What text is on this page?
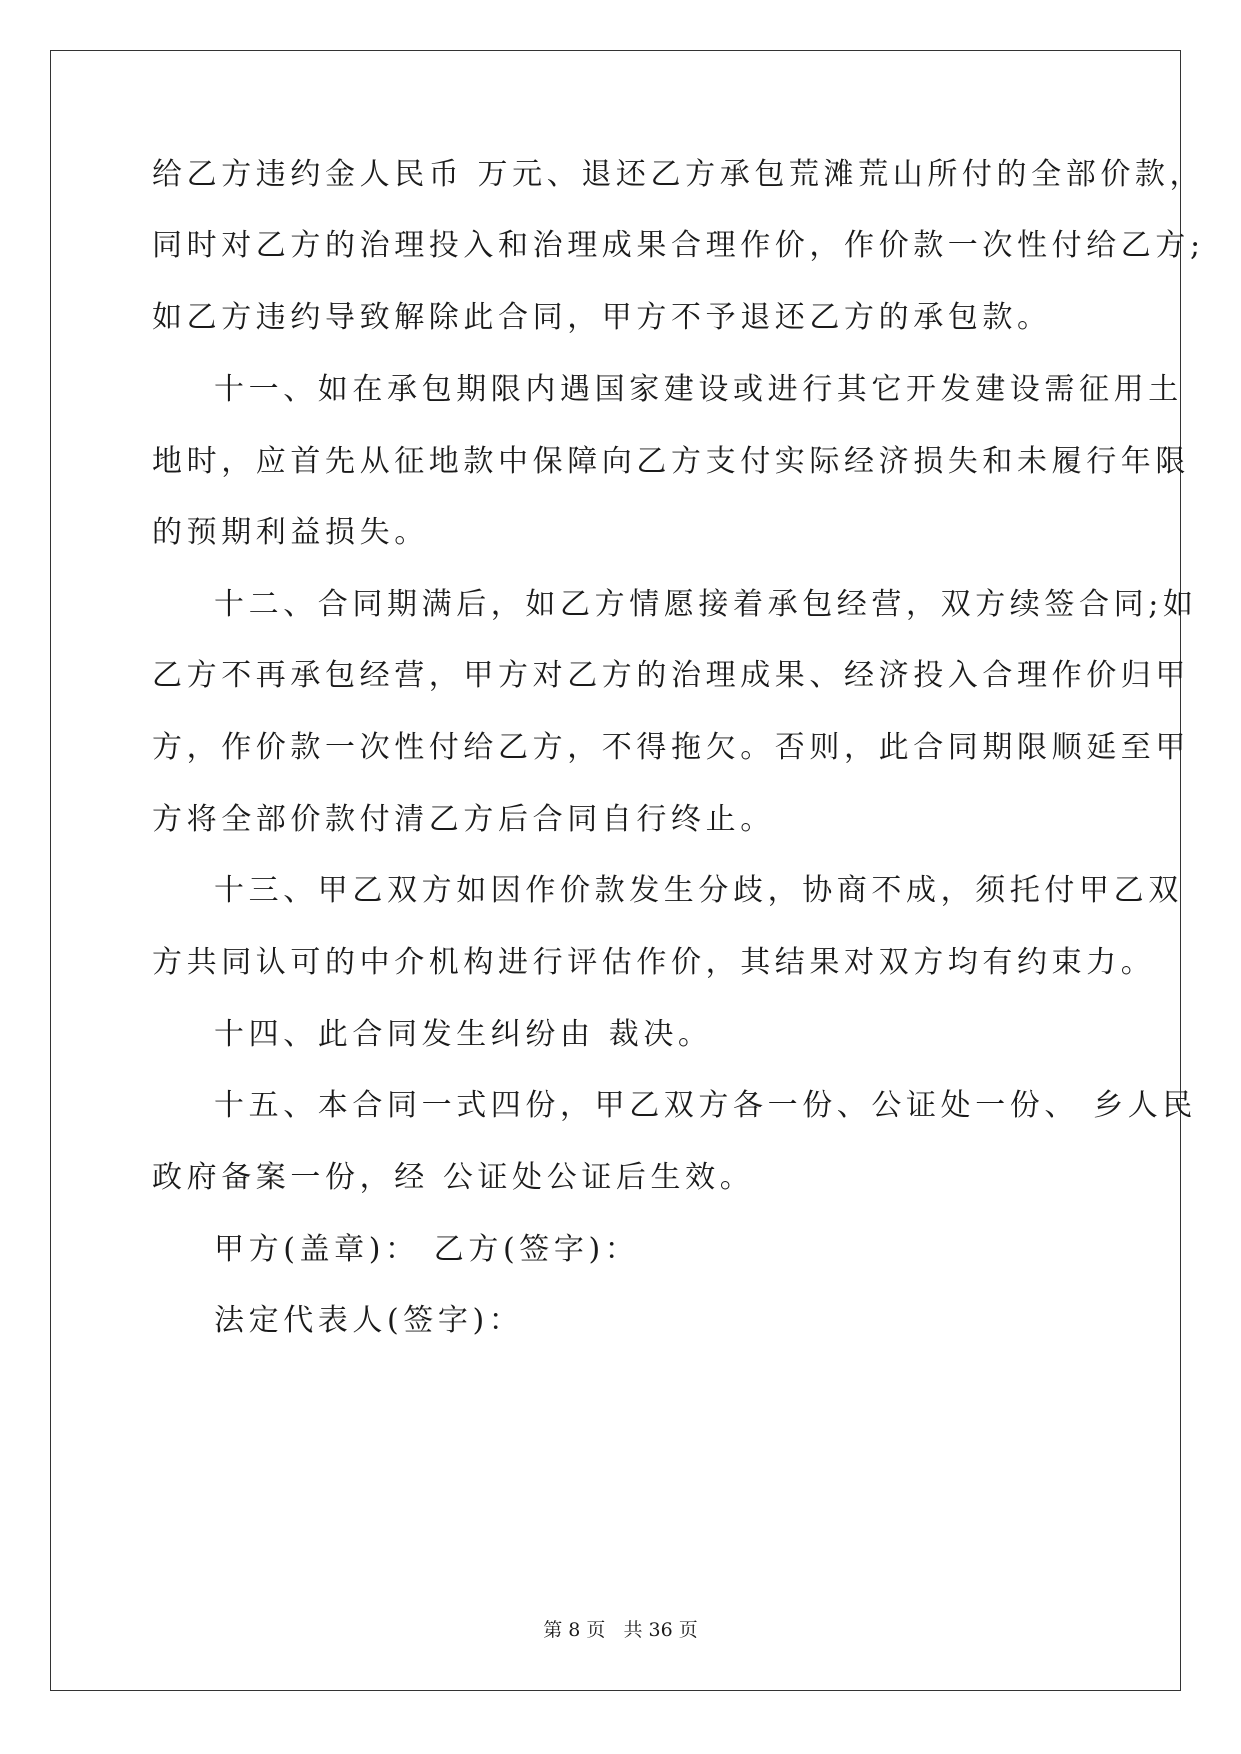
给乙方违约金人民币 万元、退还乙方承包荒滩荒山所付的全部价款，

同时对乙方的治理投入和治理成果合理作价，作价款一次性付给乙方;

如乙方违约导致解除此合同，甲方不予退还乙方的承包款。

十一、如在承包期限内遇国家建设或进行其它开发建设需征用土

地时，应首先从征地款中保障向乙方支付实际经济损失和未履行年限

的预期利益损失。

十二、合同期满后，如乙方情愿接着承包经营，双方续签合同;如

乙方不再承包经营，甲方对乙方的治理成果、经济投入合理作价归甲

方，作价款一次性付给乙方，不得拖欠。否则，此合同期限顺延至甲

方将全部价款付清乙方后合同自行终止。

十三、甲乙双方如因作价款发生分歧，协商不成，须托付甲乙双

方共同认可的中介机构进行评估作价，其结果对双方均有约束力。

十四、此合同发生纠纷由 裁决。

十五、本合同一式四份，甲乙双方各一份、公证处一份、 乡人民

政府备案一份，经 公证处公证后生效。

甲方(盖章)： 乙方(签字)：

法定代表人(签字)：

第 8 页   共 36 页
